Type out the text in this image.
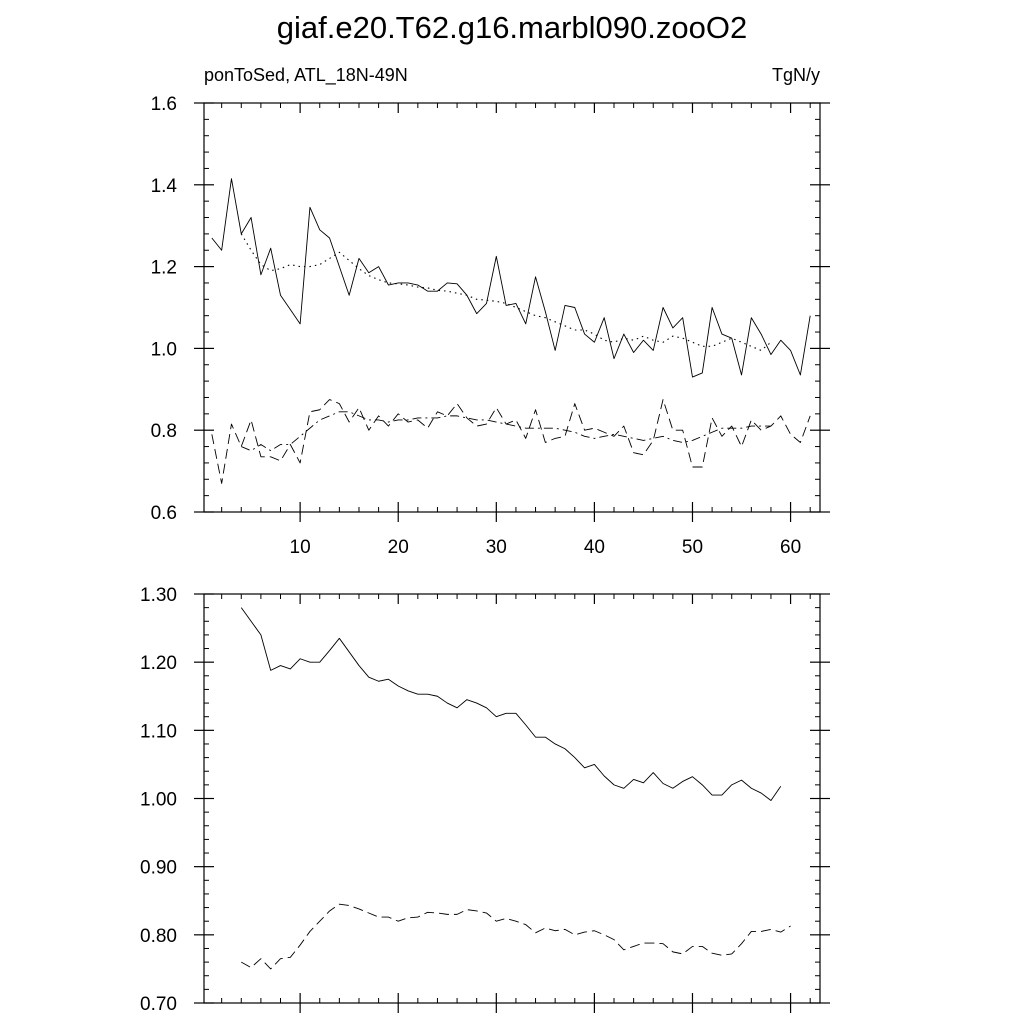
giaf.e20.T62.g16.marbl090.zooO2
ponToSed, ATL_18N-49N	TgN/y
10	20	30	40	50	60
0.6
0.8
1.0
1.2
1.4
1.6
0.70
0.80
0.90
1.00
1.10
1.20
1.30
